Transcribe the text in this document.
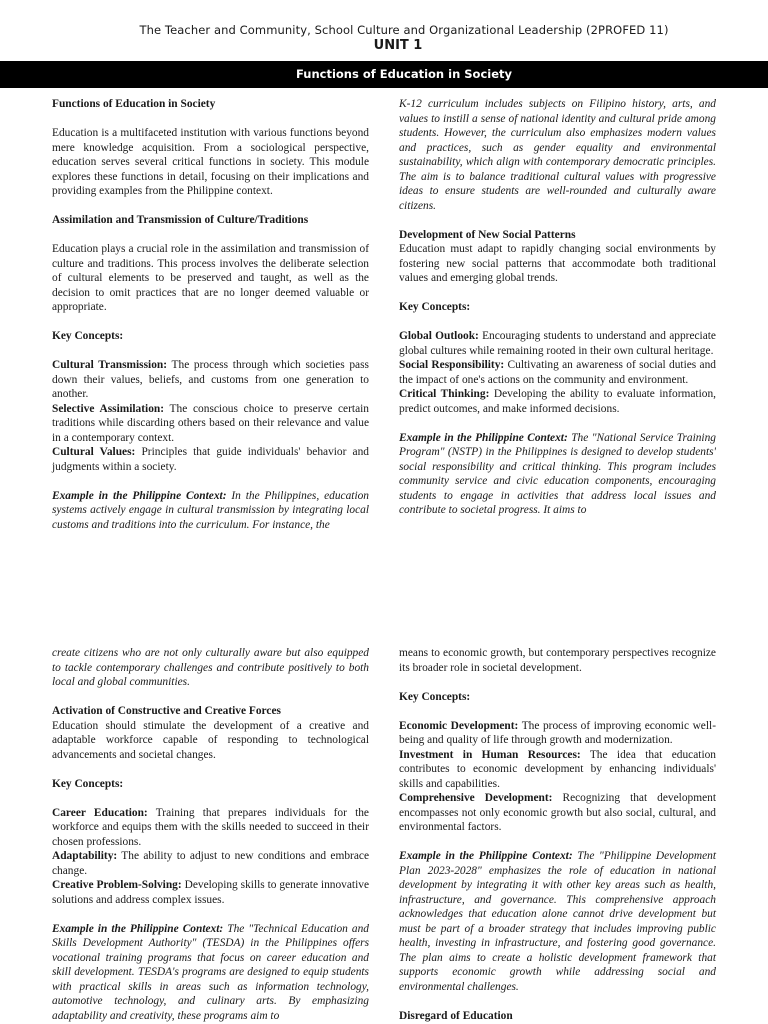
The Teacher and Community, School Culture and Organizational Leadership (2PROFED 11)
UNIT 1
Functions of Education in Society

Functions of Education in Society

Education is a multifaceted institution with various functions beyond mere knowledge acquisition. From a sociological perspective, education serves several critical functions in society. This module explores these functions in detail, focusing on their implications and providing examples from the Philippine context.

Assimilation and Transmission of Culture/Traditions

Education plays a crucial role in the assimilation and transmission of culture and traditions. This process involves the deliberate selection of cultural elements to be preserved and taught, as well as the decision to omit practices that are no longer deemed valuable or appropriate.

Key Concepts:

Cultural Transmission: The process through which societies pass down their values, beliefs, and customs from one generation to another.

Selective Assimilation: The conscious choice to preserve certain traditions while discarding others based on their relevance and value in a contemporary context.

Cultural Values: Principles that guide individuals' behavior and judgments within a society.

Example in the Philippine Context: In the Philippines, education systems actively engage in cultural transmission by integrating local customs and traditions into the curriculum. For instance, the

K-12 curriculum includes subjects on Filipino history, arts, and values to instill a sense of national identity and cultural pride among students. However, the curriculum also emphasizes modern values and practices, such as gender equality and environmental sustainability, which align with contemporary democratic principles. The aim is to balance traditional cultural values with progressive ideas to ensure students are well-rounded and culturally aware citizens.

Development of New Social Patterns

Education must adapt to rapidly changing social environments by fostering new social patterns that accommodate both traditional values and emerging global trends.

Key Concepts:

Global Outlook: Encouraging students to understand and appreciate global cultures while remaining rooted in their own cultural heritage.

Social Responsibility: Cultivating an awareness of social duties and the impact of one's actions on the community and environment.

Critical Thinking: Developing the ability to evaluate information, predict outcomes, and make informed decisions.

Example in the Philippine Context: The "National Service Training Program" (NSTP) in the Philippines is designed to develop students' social responsibility and critical thinking. This program includes community service and civic education components, encouraging students to engage in activities that address local issues and contribute to societal progress. It aims to

create citizens who are not only culturally aware but also equipped to tackle contemporary challenges and contribute positively to both local and global communities.

Activation of Constructive and Creative Forces

Education should stimulate the development of a creative and adaptable workforce capable of responding to technological advancements and societal changes.

Key Concepts:

Career Education: Training that prepares individuals for the workforce and equips them with the skills needed to succeed in their chosen professions.

Adaptability: The ability to adjust to new conditions and embrace change.

Creative Problem-Solving: Developing skills to generate innovative solutions and address complex issues.

Example in the Philippine Context: The "Technical Education and Skills Development Authority" (TESDA) in the Philippines offers vocational training programs that focus on career education and skill development. TESDA's programs are designed to equip students with practical skills in areas such as information technology, automotive technology, and culinary arts. By emphasizing adaptability and creativity, these programs aim to

means to economic growth, but contemporary perspectives recognize its broader role in societal development.

Key Concepts:

Economic Development: The process of improving economic well-being and quality of life through growth and modernization.

Investment in Human Resources: The idea that education contributes to economic development by enhancing individuals' skills and capabilities.

Comprehensive Development: Recognizing that development encompasses not only economic growth but also social, cultural, and environmental factors.

Example in the Philippine Context: The "Philippine Development Plan 2023-2028" emphasizes the role of education in national development by integrating it with other key areas such as health, infrastructure, and governance. This comprehensive approach acknowledges that education alone cannot drive development but must be part of a broader strategy that includes improving public health, investing in infrastructure, and fostering good governance. The plan aims to create a holistic development framework that supports economic growth while addressing social and environmental challenges.

Disregard of Education
